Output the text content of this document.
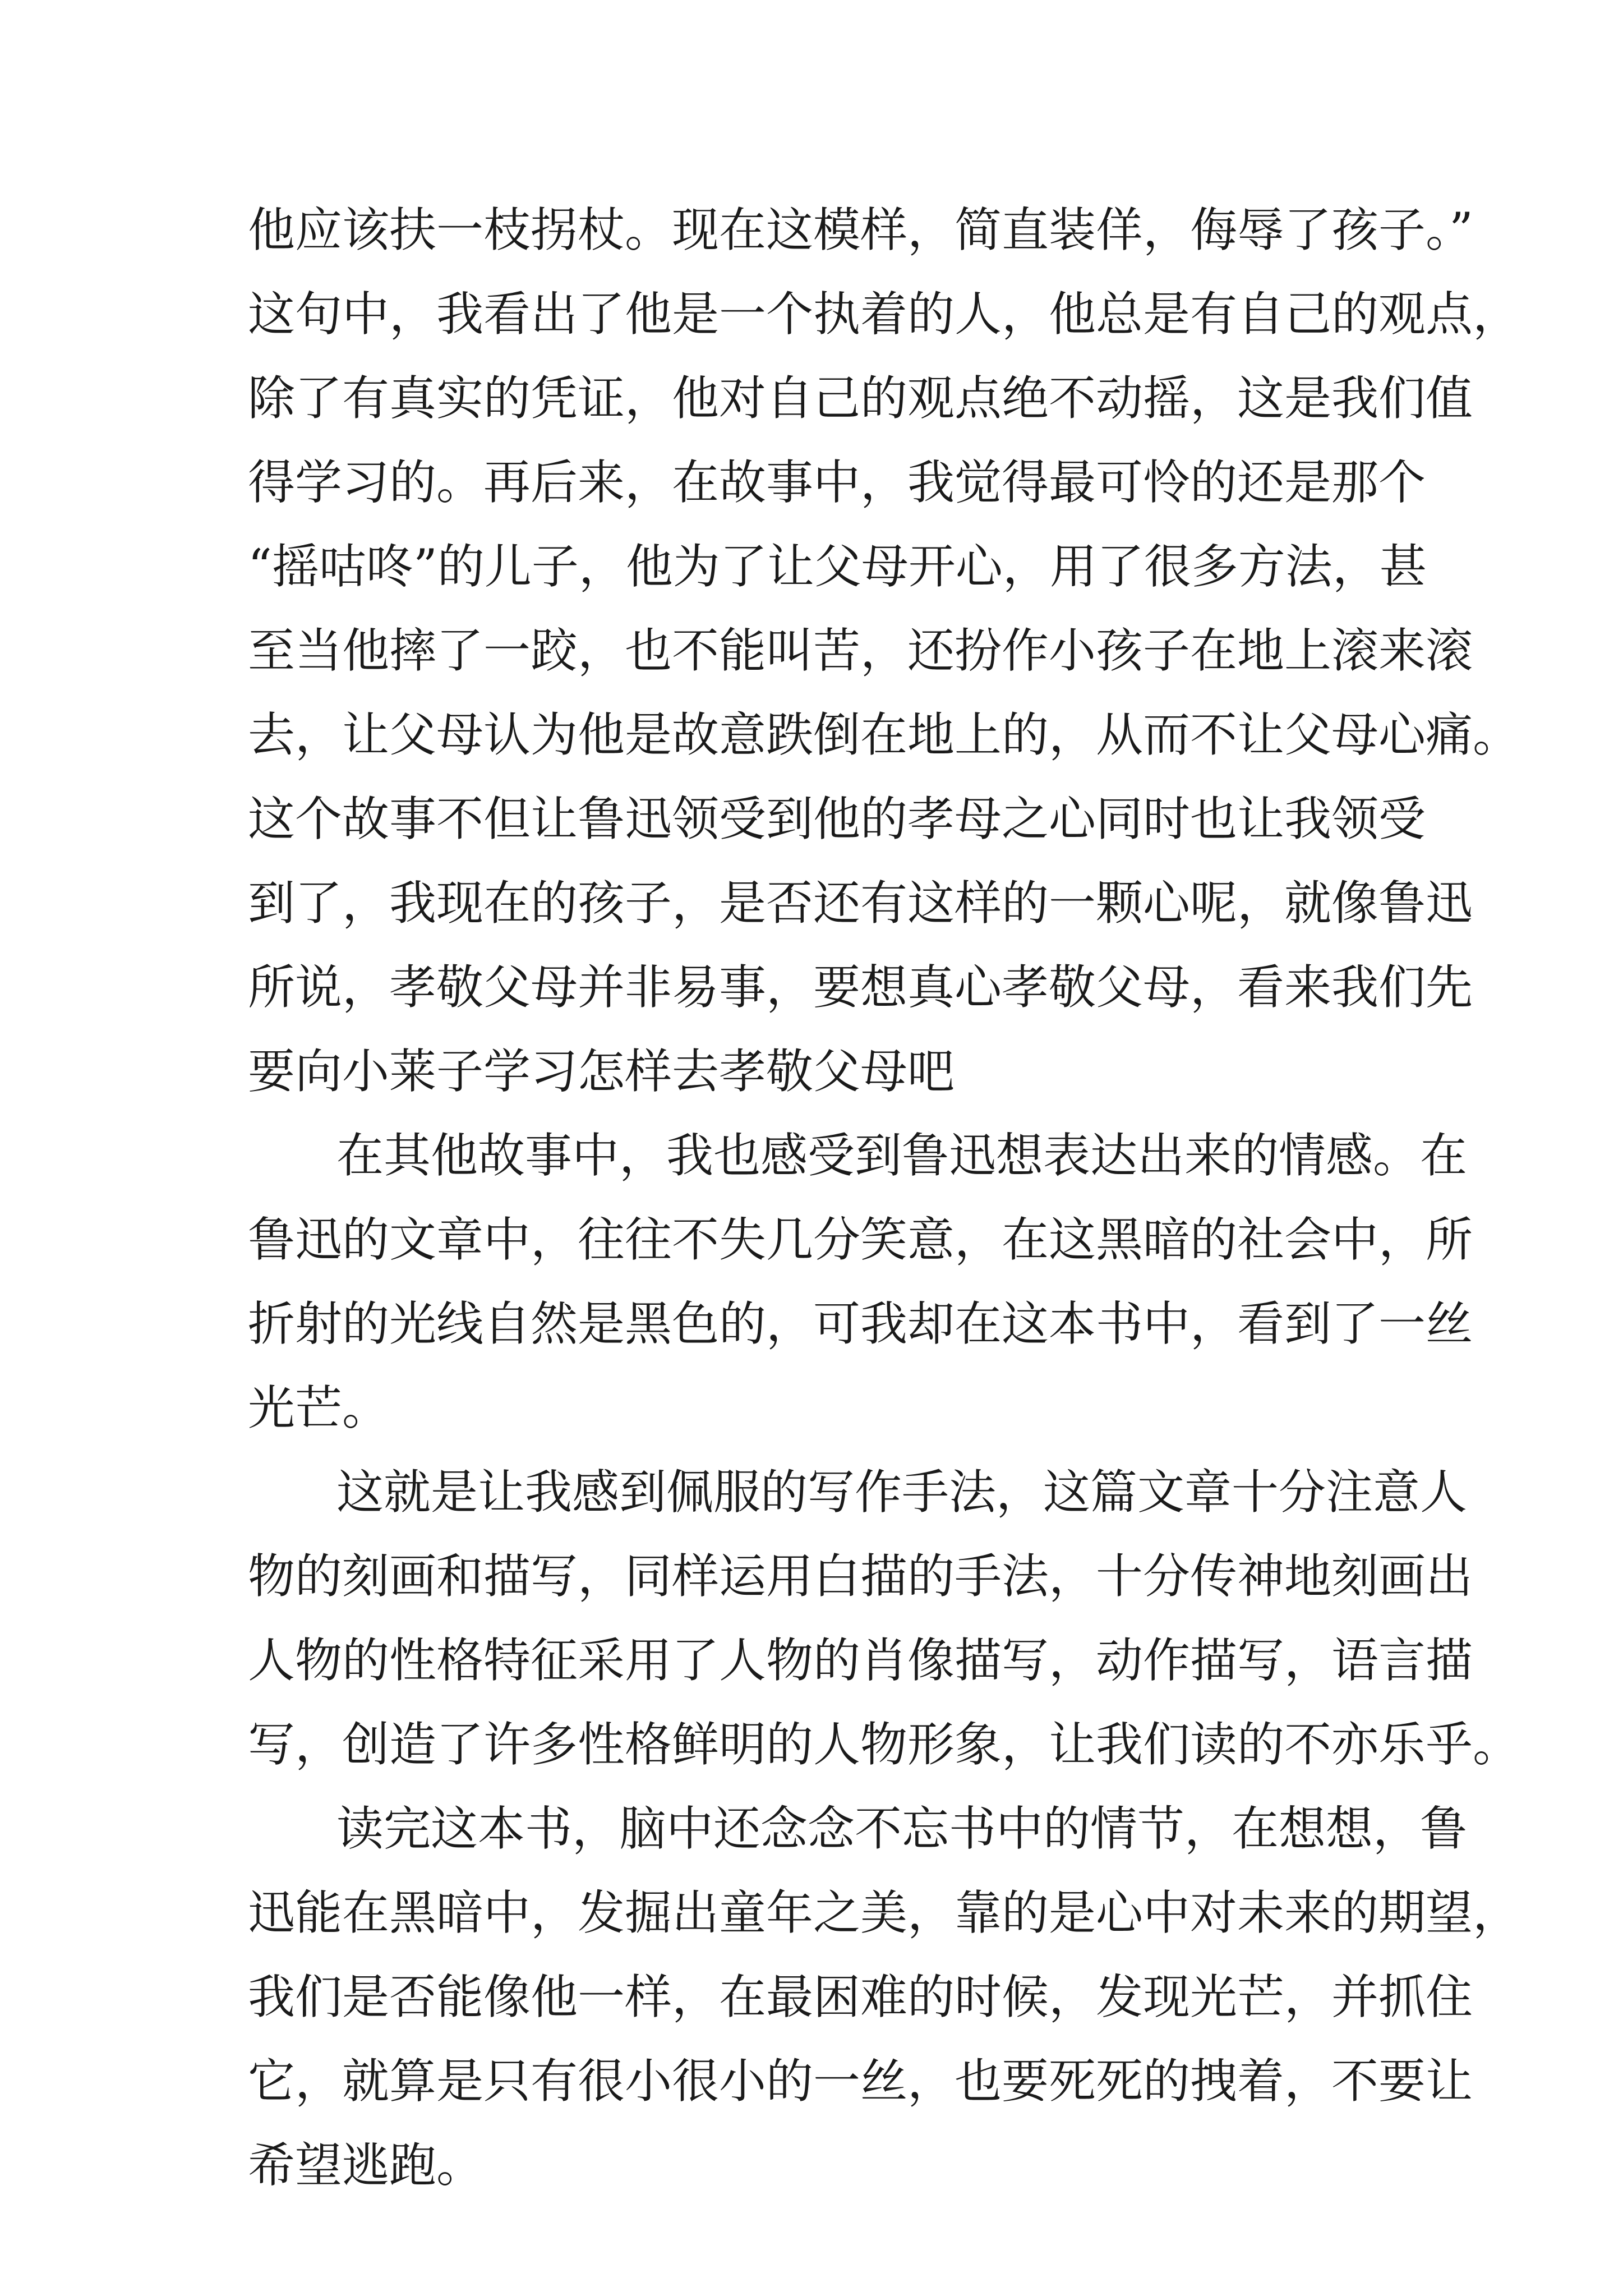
他应该扶一枝拐杖。现在这模样，简直装佯，侮辱了孩子。”
这句中，我看出了他是一个执着的人，他总是有自己的观点，
除了有真实的凭证，他对自己的观点绝不动摇，这是我们值
得学习的。再后来，在故事中，我觉得最可怜的还是那个
“摇咕咚”的儿子，他为了让父母开心，用了很多方法，甚
至当他摔了一跤，也不能叫苦，还扮作小孩子在地上滚来滚
去，让父母认为他是故意跌倒在地上的，从而不让父母心痛。
这个故事不但让鲁迅领受到他的孝母之心同时也让我领受
到了，我现在的孩子，是否还有这样的一颗心呢，就像鲁迅
所说，孝敬父母并非易事，要想真心孝敬父母，看来我们先
要向小莱子学习怎样去孝敬父母吧
在其他故事中，我也感受到鲁迅想表达出来的情感。在
鲁迅的文章中，往往不失几分笑意，在这黑暗的社会中，所
折射的光线自然是黑色的，可我却在这本书中，看到了一丝
光芒。
这就是让我感到佩服的写作手法，这篇文章十分注意人
物的刻画和描写，同样运用白描的手法，十分传神地刻画出
人物的性格特征采用了人物的肖像描写，动作描写，语言描
写，创造了许多性格鲜明的人物形象，让我们读的不亦乐乎。
读完这本书，脑中还念念不忘书中的情节，在想想，鲁
迅能在黑暗中，发掘出童年之美，靠的是心中对未来的期望，
我们是否能像他一样，在最困难的时候，发现光芒，并抓住
它，就算是只有很小很小的一丝，也要死死的拽着，不要让
希望逃跑。
